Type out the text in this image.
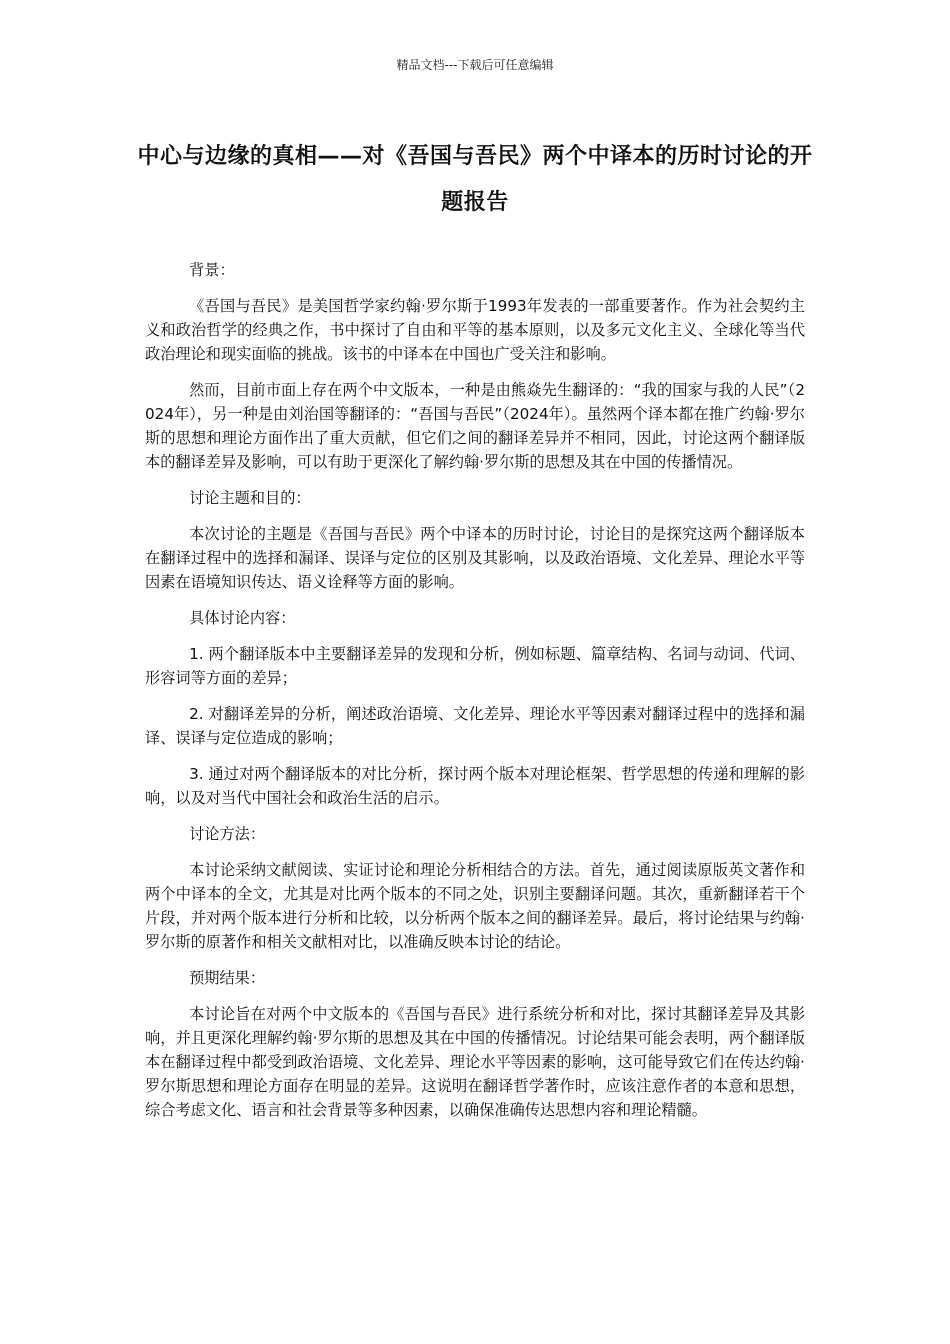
精品文档---下载后可任意编辑
中心与边缘的真相——对《吾国与吾民》两个中译本的历时讨论的开题报告

背景：

《吾国与吾民》是美国哲学家约翰·罗尔斯于1993年发表的一部重要著作。作为社会契约主义和政治哲学的经典之作，书中探讨了自由和平等的基本原则，以及多元文化主义、全球化等当代政治理论和现实面临的挑战。该书的中译本在中国也广受关注和影响。

然而，目前市面上存在两个中文版本，一种是由熊焱先生翻译的：“我的国家与我的人民”（2024年），另一种是由刘治国等翻译的：“吾国与吾民”（2024年）。虽然两个译本都在推广约翰·罗尔斯的思想和理论方面作出了重大贡献，但它们之间的翻译差异并不相同，因此，讨论这两个翻译版本的翻译差异及影响，可以有助于更深化了解约翰·罗尔斯的思想及其在中国的传播情况。

讨论主题和目的：

本次讨论的主题是《吾国与吾民》两个中译本的历时讨论，讨论目的是探究这两个翻译版本在翻译过程中的选择和漏译、误译与定位的区别及其影响，以及政治语境、文化差异、理论水平等因素在语境知识传达、语义诠释等方面的影响。

具体讨论内容：

1. 两个翻译版本中主要翻译差异的发现和分析，例如标题、篇章结构、名词与动词、代词、形容词等方面的差异；

2. 对翻译差异的分析，阐述政治语境、文化差异、理论水平等因素对翻译过程中的选择和漏译、误译与定位造成的影响；

3. 通过对两个翻译版本的对比分析，探讨两个版本对理论框架、哲学思想的传递和理解的影响，以及对当代中国社会和政治生活的启示。

讨论方法：

本讨论采纳文献阅读、实证讨论和理论分析相结合的方法。首先，通过阅读原版英文著作和两个中译本的全文，尤其是对比两个版本的不同之处，识别主要翻译问题。其次，重新翻译若干个片段，并对两个版本进行分析和比较，以分析两个版本之间的翻译差异。最后，将讨论结果与约翰·罗尔斯的原著作和相关文献相对比，以准确反映本讨论的结论。

预期结果：

本讨论旨在对两个中文版本的《吾国与吾民》进行系统分析和对比，探讨其翻译差异及其影响，并且更深化理解约翰·罗尔斯的思想及其在中国的传播情况。讨论结果可能会表明，两个翻译版本在翻译过程中都受到政治语境、文化差异、理论水平等因素的影响，这可能导致它们在传达约翰·罗尔斯思想和理论方面存在明显的差异。这说明在翻译哲学著作时，应该注意作者的本意和思想，综合考虑文化、语言和社会背景等多种因素，以确保准确传达思想内容和理论精髓。
